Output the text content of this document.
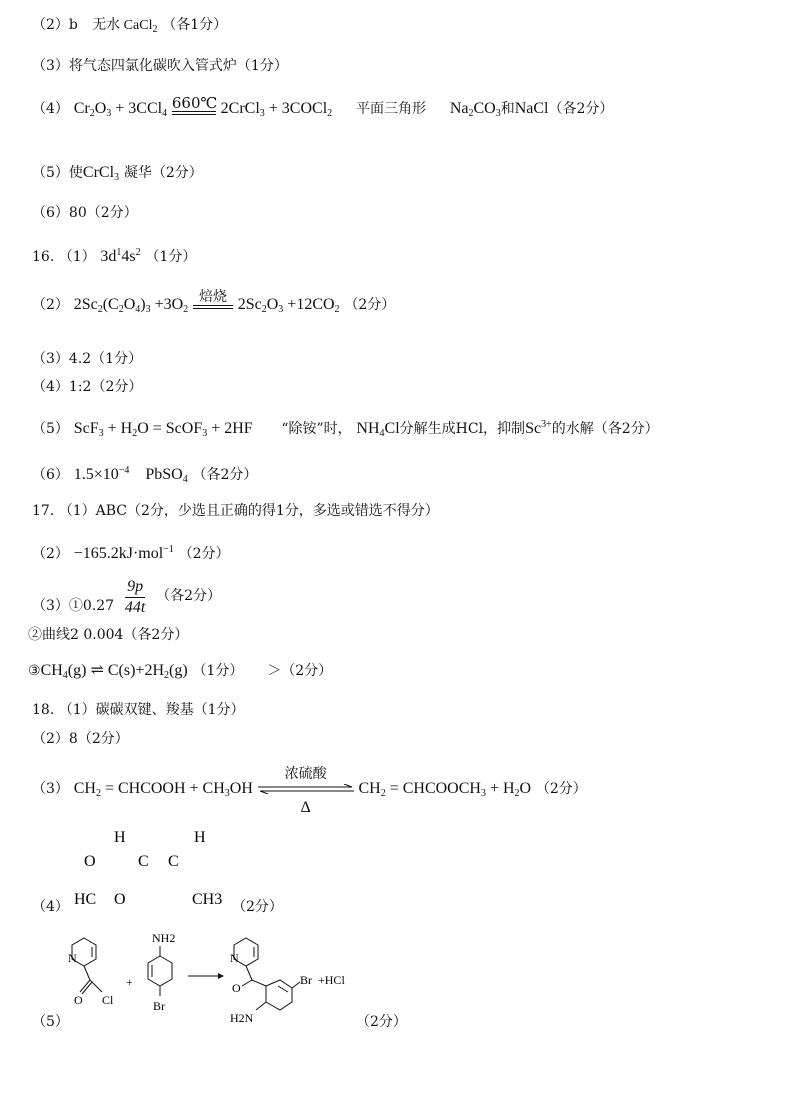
（2）b 无水 CaCl$_2$ （各1分）
（3）将气态四氯化碳吹入管式炉（1分）
（4） $Cr_2O_3 + 3CCl_4$
660℃ 2CrCl$_3$ + 3COCl$_2$ 平面三角形 $Na_2CO_3$和NaCl（各2分）
（5）使CrCl$_3$ 凝华（2分）
（6）80（2分）
16. （1） $3d^14s^2$ （1分）
（2） $2Sc_2(C_2O_4)_3 +3O_2$
焙烧 $2Sc_2O_3 +12CO_2$ （2分）
（3）4.2（1分）
（4）1:2（2分）
（5） $ScF_3 + H_2O$ = ScOF$_3$ + 2HF “除铵”时， $NH_4Cl$分解生成HCl，抑制$Sc^{3+}$的水解（各2分）
（6） $1.5\times 10^{-4}$    PbSO$_4$ （各2分）
17. （1）ABC（2分，少选且正确的得1分，多选或错选不得分）
（2） −165.2kJ·mol$^{-1}$ （2分）
（3）①0.27 $\frac{9p}{44t}$ （各2分）
②曲线2 0.004（各2分）
$③CH_4(g)$ ⇌ $C(s)+2H_2(g)$ （1分） ＞（2分）
18. （1）碳碳双键、羧基（1分）
（2）8（2分）
（3） $CH_2$ = CHCOOH + $CH_3OH$
浓硫酸
Δ
$CH_2$ = $CHCOOCH_3 + H_2O$ （2分）
（4）
H	H
O	C C
HC O	CH3 （2分）
（5）
N
O Cl
+
NH2
Br
N
O
Br +HCl
H2N	（2分）
